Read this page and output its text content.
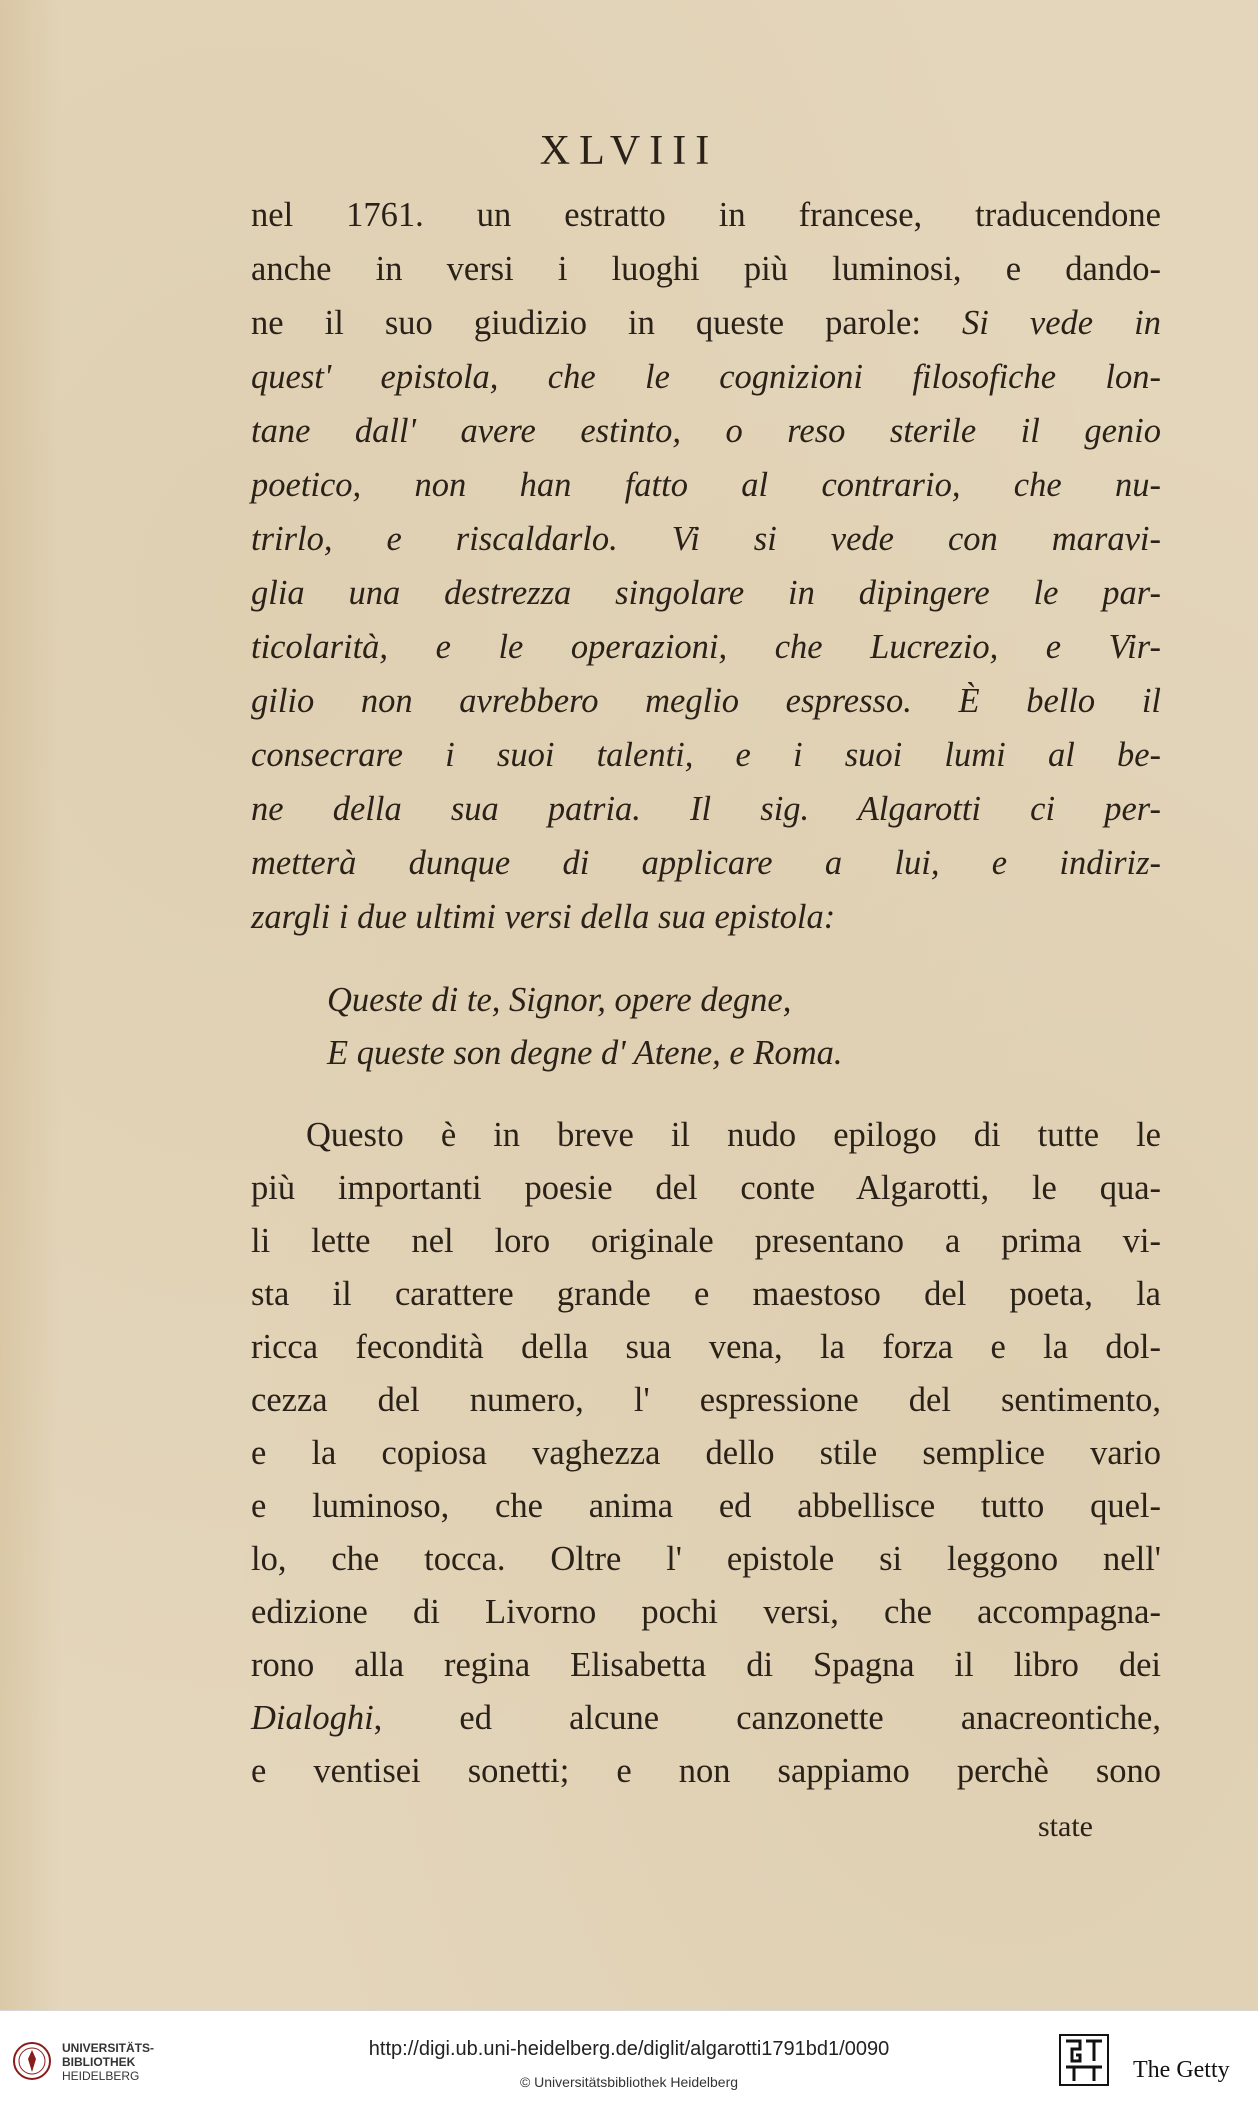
XLVIII
nel 1761. un estratto in francese, traducendone
anche in versi i luoghi più luminosi, e dando-
ne il suo giudizio in queste parole: Si vede in
quest' epistola, che le cognizioni filosofiche lon-
tane dall' avere estinto, o reso sterile il genio
poetico, non han fatto al contrario, che nu-
trirlo, e riscaldarlo. Vi si vede con maravi-
glia una destrezza singolare in dipingere le par-
ticolarità, e le operazioni, che Lucrezio, e Vir-
gilio non avrebbero meglio espresso. È bello il
consecrare i suoi talenti, e i suoi lumi al be-
ne della sua patria. Il sig. Algarotti ci per-
metterà dunque di applicare a lui, e indiriz-
zargli i due ultimi versi della sua epistola:
Queste di te, Signor, opere degne,
E queste son degne d' Atene, e Roma.
Questo è in breve il nudo epilogo di tutte le
più importanti poesie del conte Algarotti, le qua-
li lette nel loro originale presentano a prima vi-
sta il carattere grande e maestoso del poeta, la
ricca fecondità della sua vena, la forza e la dol-
cezza del numero, l' espressione del sentimento,
e la copiosa vaghezza dello stile semplice vario
e luminoso, che anima ed abbellisce tutto quel-
lo, che tocca. Oltre l' epistole si leggono nell'
edizione di Livorno pochi versi, che accompagna-
rono alla regina Elisabetta di Spagna il libro dei
Dialoghi, ed alcune canzonette anacreontiche,
e ventisei sonetti; e non sappiamo perchè sono
state
UNIVERSITÄTS-
BIBLIOTHEK
HEIDELBERG
http://digi.ub.uni-heidelberg.de/diglit/algarotti1791bd1/0090
© Universitätsbibliothek Heidelberg	The Getty
